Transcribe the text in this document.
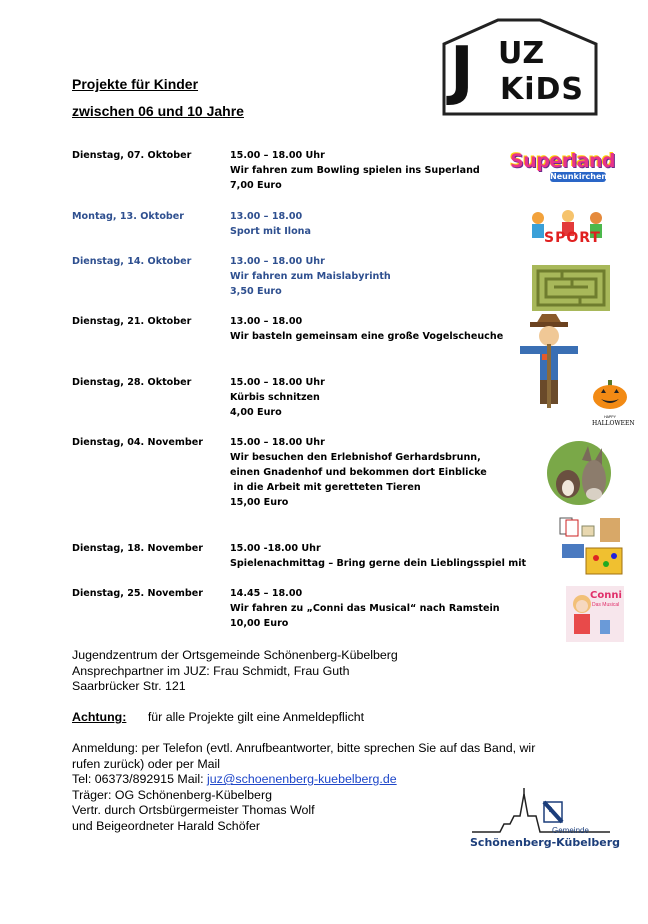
J UZ
KiDS
Projekte für Kinder
zwischen 06 und 10 Jahre
Dienstag, 07. Oktober	15.00 – 18.00 Uhr
Wir fahren zum Bowling spielen ins Superland
7,00 Euro
Montag, 13. Oktober	13.00 – 18.00
Sport mit Ilona
Dienstag, 14. Oktober	13.00 – 18.00 Uhr
Wir fahren zum Maislabyrinth
3,50 Euro
Dienstag, 21. Oktober	13.00 – 18.00
Wir basteln gemeinsam eine große Vogelscheuche
Dienstag, 28. Oktober	15.00 – 18.00 Uhr
Kürbis schnitzen
4,00 Euro
Dienstag, 04. November	15.00 – 18.00 Uhr
Wir besuchen den Erlebnishof Gerhardsbrunn,
einen Gnadenhof und bekommen dort Einblicke
in die Arbeit mit geretteten Tieren
15,00 Euro
Dienstag, 18. November	15.00 -18.00 Uhr
Spielenachmittag – Bring gerne dein Lieblingsspiel mit
Dienstag, 25. November	14.45 – 18.00
Wir fahren zu „Conni das Musical“ nach Ramstein
10,00 Euro
Superland
Neunkirchen
SPORT
HAPPY
HALLOWEEN
Conni
Das Musical
Jugendzentrum der Ortsgemeinde Schönenberg-Kübelberg
Ansprechpartner im JUZ: Frau Schmidt, Frau Guth
Saarbrücker Str. 121
Achtung: für alle Projekte gilt eine Anmeldepflicht
Anmeldung: per Telefon (evtl. Anrufbeantworter, bitte sprechen Sie auf das Band, wir
rufen zurück) oder per Mail
Tel: 06373/892915 Mail: juz@schoenenberg-kuebelberg.de
Träger: OG Schönenberg-Kübelberg
Vertr. durch Ortsbürgermeister Thomas Wolf
und Beigeordneter Harald Schöfer	Gemeinde
Schönenberg-Kübelberg
